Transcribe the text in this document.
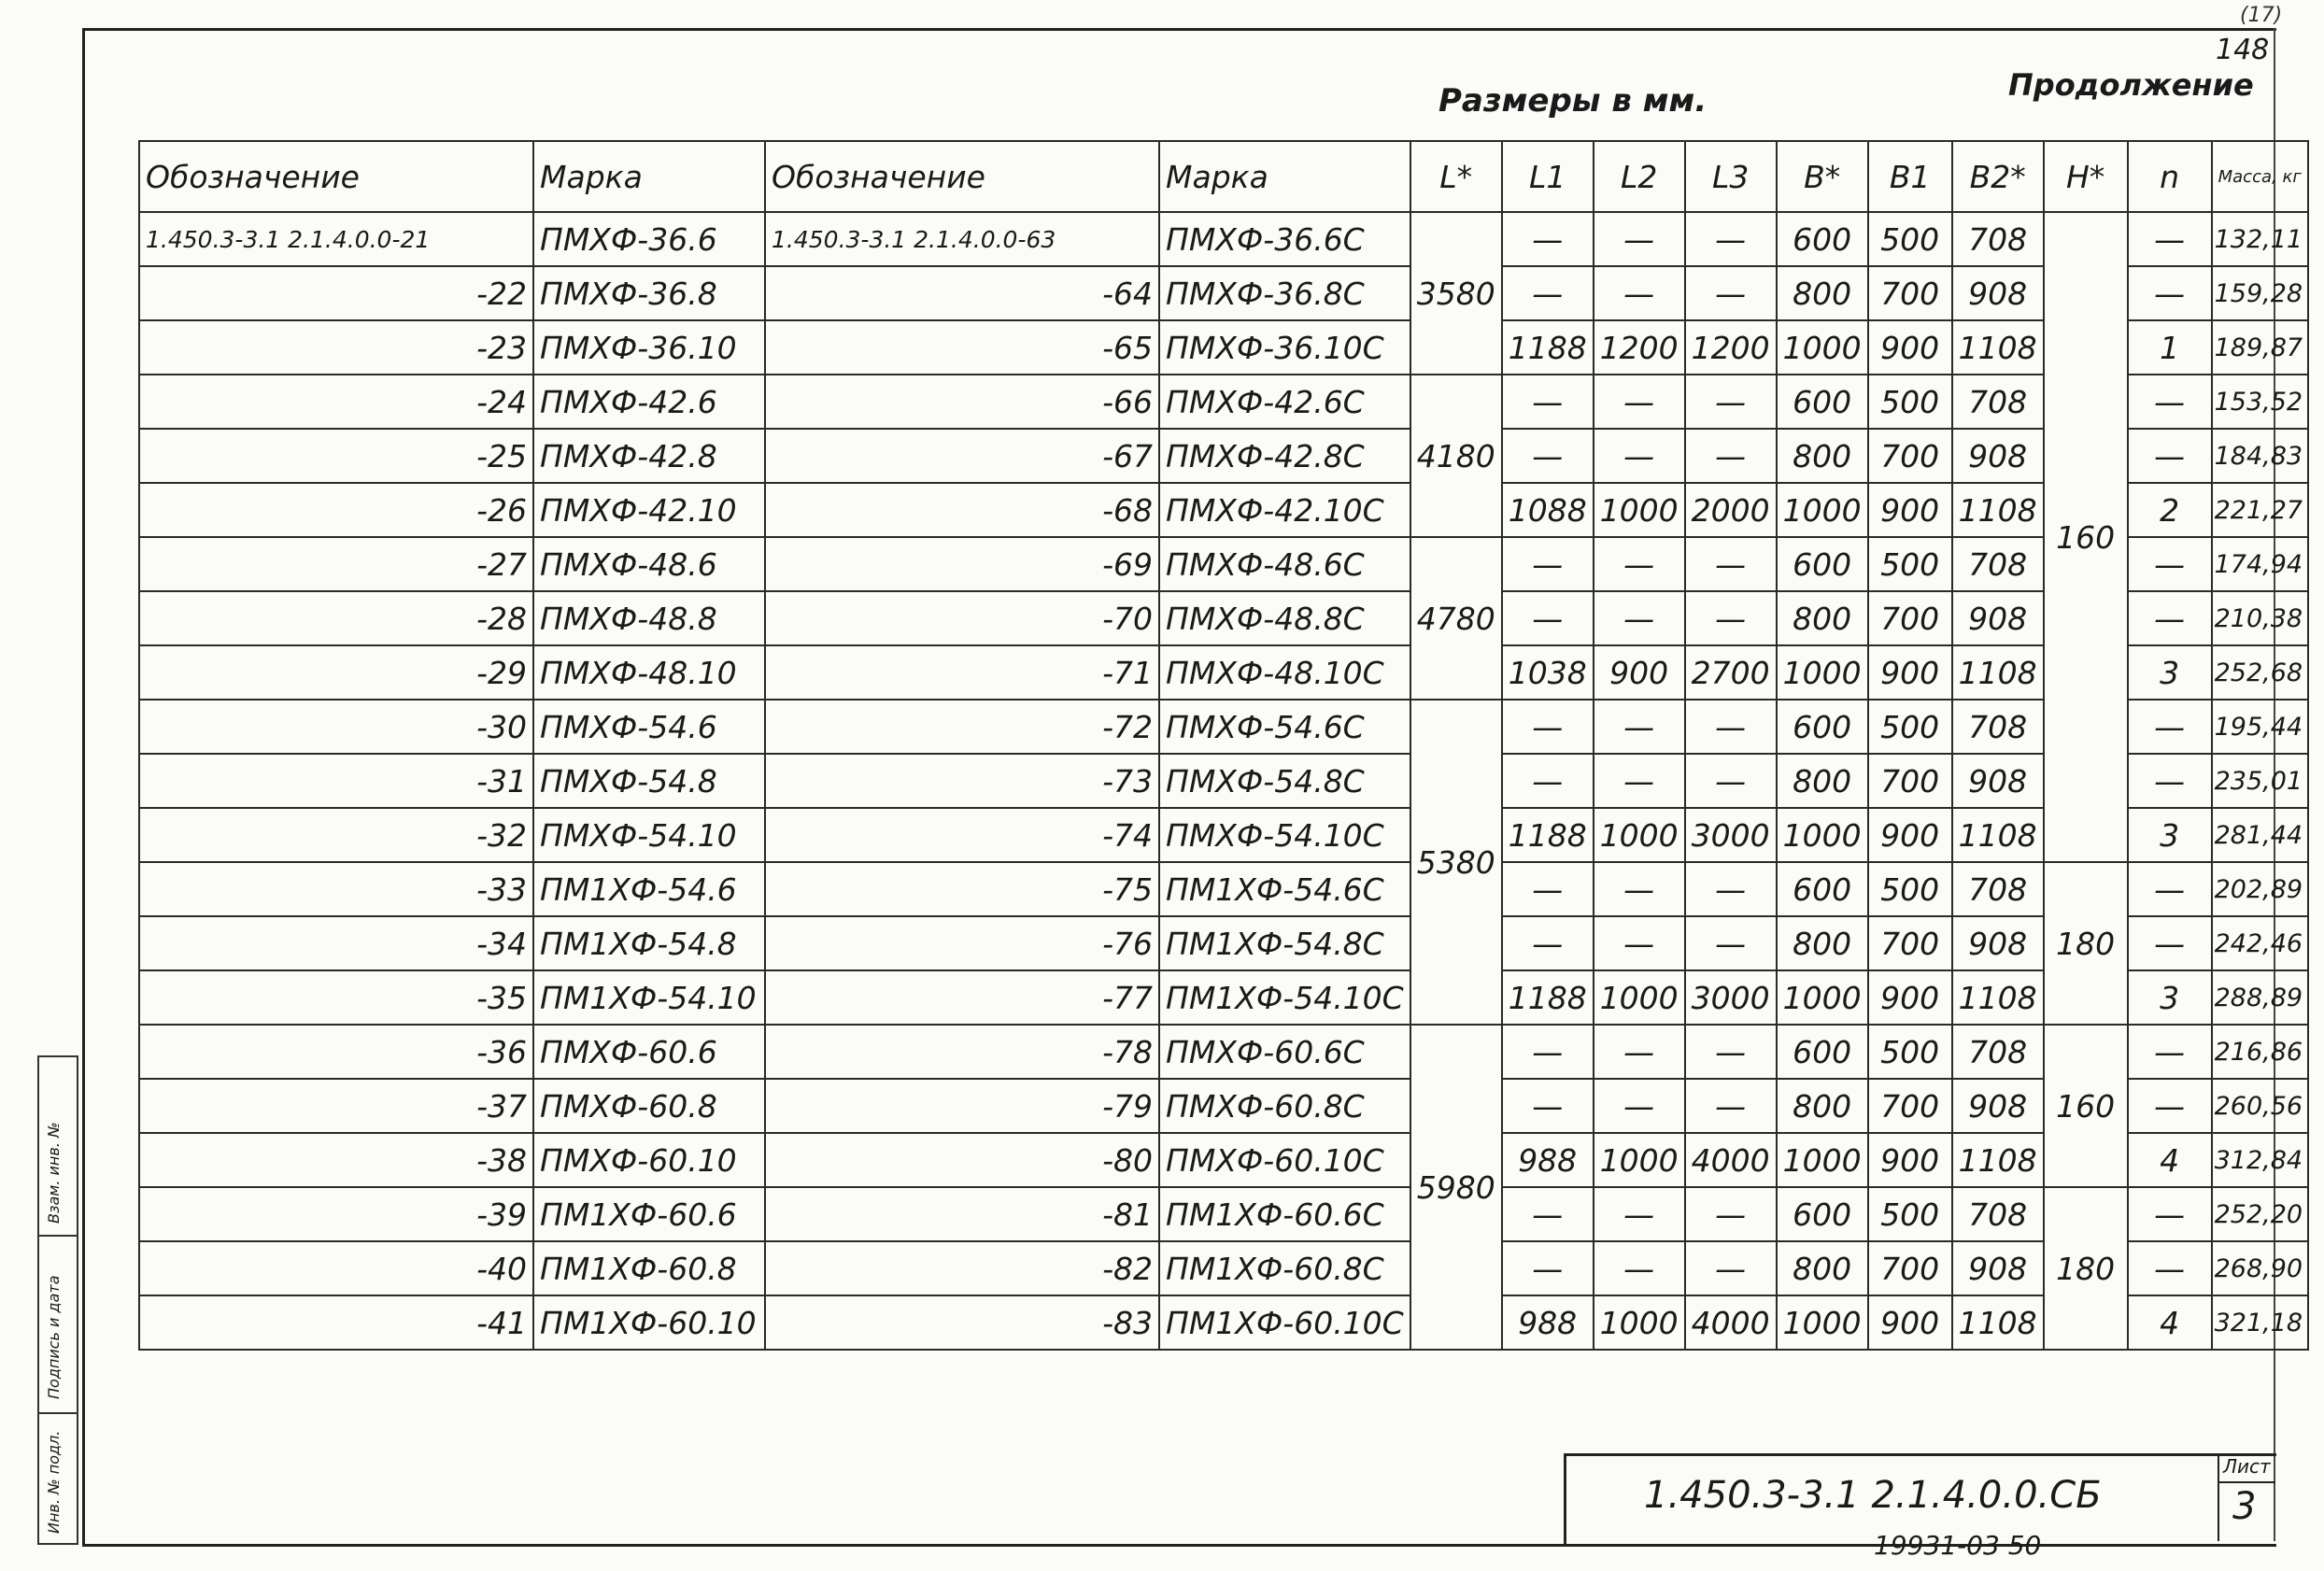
(17)
148
Продолжение
Размеры в мм.
Обозначение	Марка	Обозначение	Марка	L*	L1	L2	L3	B*	B1	B2*	H*	n	Масса, кг
1.450.3-3.1 2.1.4.0.0-21	ПМХФ-36.6	1.450.3-3.1 2.1.4.0.0-63	ПМХФ-36.6С	3580	—	—	—	600	500	708	160	—	132,11
-22	ПМХФ-36.8	-64	ПМХФ-36.8С		—	—	—	800	700	908		—	159,28
-23	ПМХФ-36.10	-65	ПМХФ-36.10С		1188	1200	1200	1000	900	1108		1	189,87
-24	ПМХФ-42.6	-66	ПМХФ-42.6С	4180	—	—	—	600	500	708		—	153,52
-25	ПМХФ-42.8	-67	ПМХФ-42.8С		—	—	—	800	700	908		—	184,83
-26	ПМХФ-42.10	-68	ПМХФ-42.10С		1088	1000	2000	1000	900	1108		2	221,27
-27	ПМХФ-48.6	-69	ПМХФ-48.6С	4780	—	—	—	600	500	708		—	174,94
-28	ПМХФ-48.8	-70	ПМХФ-48.8С		—	—	—	800	700	908		—	210,38
-29	ПМХФ-48.10	-71	ПМХФ-48.10С		1038	900	2700	1000	900	1108		3	252,68
-30	ПМХФ-54.6	-72	ПМХФ-54.6С	5380	—	—	—	600	500	708		—	195,44
-31	ПМХФ-54.8	-73	ПМХФ-54.8С		—	—	—	800	700	908		—	235,01
-32	ПМХФ-54.10	-74	ПМХФ-54.10С		1188	1000	3000	1000	900	1108		3	281,44
-33	ПМ1ХФ-54.6	-75	ПМ1ХФ-54.6С		—	—	—	600	500	708	180	—	202,89
-34	ПМ1ХФ-54.8	-76	ПМ1ХФ-54.8С		—	—	—	800	700	908		—	242,46
-35	ПМ1ХФ-54.10	-77	ПМ1ХФ-54.10С		1188	1000	3000	1000	900	1108		3	288,89
-36	ПМХФ-60.6	-78	ПМХФ-60.6С	5980	—	—	—	600	500	708	160	—	216,86
-37	ПМХФ-60.8	-79	ПМХФ-60.8С		—	—	—	800	700	908		—	260,56
-38	ПМХФ-60.10	-80	ПМХФ-60.10С		988	1000	4000	1000	900	1108		4	312,84
-39	ПМ1ХФ-60.6	-81	ПМ1ХФ-60.6С		—	—	—	600	500	708	180	—	252,20
-40	ПМ1ХФ-60.8	-82	ПМ1ХФ-60.8С		—	—	—	800	700	908		—	268,90
-41	ПМ1ХФ-60.10	-83	ПМ1ХФ-60.10С		988	1000	4000	1000	900	1108		4	321,18
1.450.3-3.1 2.1.4.0.0.СБ
Лист
3
19931-03 50
Взам. инв. №
Подпись и дата
Инв. № подл.
